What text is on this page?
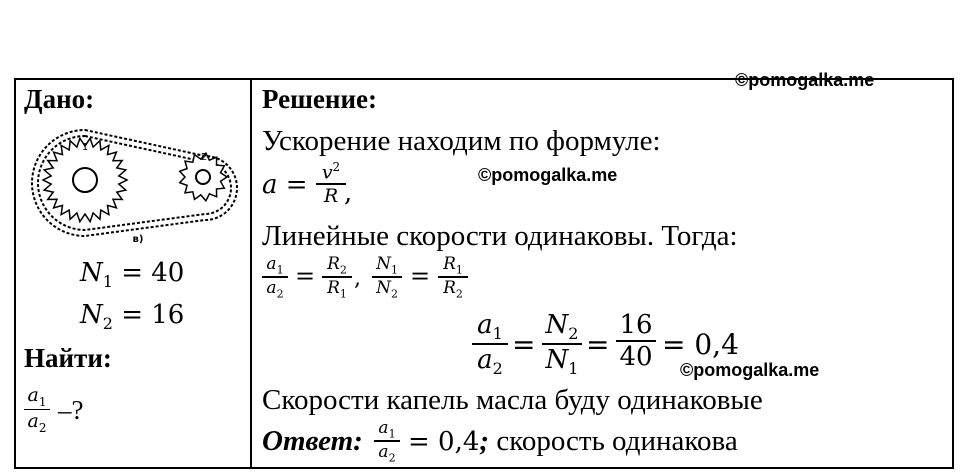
©pomogalka.me
©pomogalka.me
©pomogalka.me
Дано:
1
2
в)
$N_1 = 40$
$N_2 = 16$
Найти:
$a_1$
$a_2$
–?
Решение:
Ускорение находим по формуле:
$a = v^2$
R ,
Линейные скорости одинаковы. Тогда:
$a_1$
$a_2$
= $R_2$
$R_1$
,
$N_1$
$N_2$
= $R_1$
$R_2$
$a_1$
$a_2$
=
$N_2$
$N_1$
=
16
40 = 0,4
Скорости капель масла буду одинаковые
Ответ: $a_1$
$a_2$
= 0,4; скорость одинакова
